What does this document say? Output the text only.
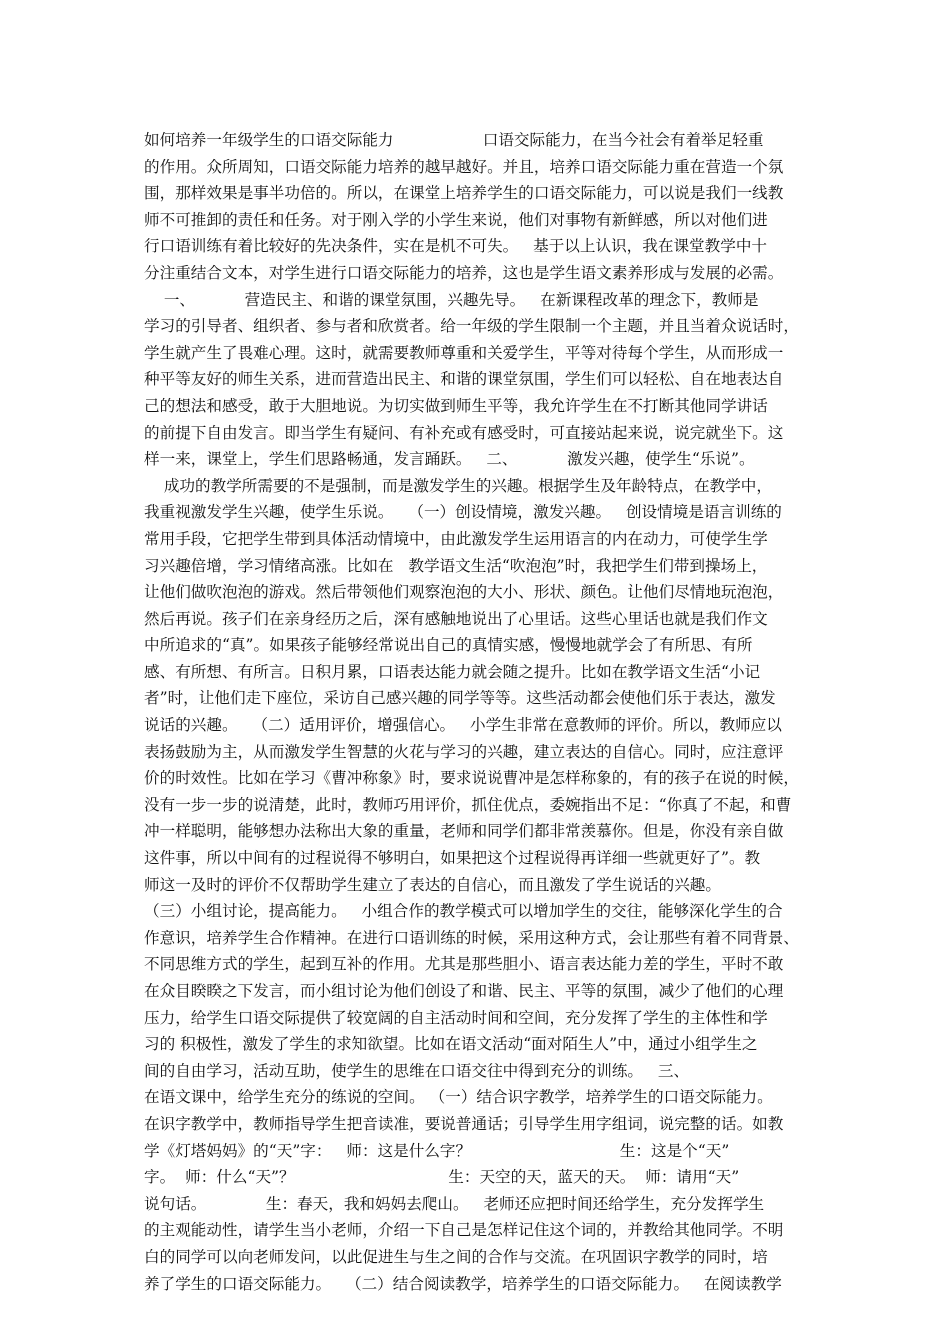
如何培养一年级学生的口语交际能力                  口语交际能力，在当今社会有着举足轻重
的作用。众所周知，口语交际能力培养的越早越好。并且，培养口语交际能力重在营造一个氛
围，那样效果是事半功倍的。所以，在课堂上培养学生的口语交际能力，可以说是我们一线教
师不可推卸的责任和任务。对于刚入学的小学生来说，他们对事物有新鲜感，所以对他们进
行口语训练有着比较好的先决条件，实在是机不可失。   基于以上认识，我在课堂教学中十
分注重结合文本，对学生进行口语交际能力的培养，这也是学生语文素养形成与发展的必需。
一、          营造民主、和谐的课堂氛围，兴趣先导。   在新课程改革的理念下，教师是
学习的引导者、组织者、参与者和欣赏者。给一年级的学生限制一个主题，并且当着众说话时，
学生就产生了畏难心理。这时，就需要教师尊重和关爱学生，平等对待每个学生，从而形成一
种平等友好的师生关系，进而营造出民主、和谐的课堂氛围，学生们可以轻松、自在地表达自
己的想法和感受，敢于大胆地说。为切实做到师生平等，我允许学生在不打断其他同学讲话
的前提下自由发言。即当学生有疑问、有补充或有感受时，可直接站起来说，说完就坐下。这
样一来，课堂上，学生们思路畅通，发言踊跃。   二、          激发兴趣，使学生“乐说”。
成功的教学所需要的不是强制，而是激发学生的兴趣。根据学生及年龄特点，在教学中，
我重视激发学生兴趣，使学生乐说。   （一）创设情境，激发兴趣。   创设情境是语言训练的
常用手段，它把学生带到具体活动情境中，由此激发学生运用语言的内在动力，可使学生学
习兴趣倍增，学习情绪高涨。比如在   教学语文生活“吹泡泡”时，我把学生们带到操场上，
让他们做吹泡泡的游戏。然后带领他们观察泡泡的大小、形状、颜色。让他们尽情地玩泡泡，
然后再说。孩子们在亲身经历之后，深有感触地说出了心里话。这些心里话也就是我们作文
中所追求的“真”。如果孩子能够经常说出自己的真情实感，慢慢地就学会了有所思、有所
感、有所想、有所言。日积月累，口语表达能力就会随之提升。比如在教学语文生活“小记
者”时，让他们走下座位，采访自己感兴趣的同学等等。这些活动都会使他们乐于表达，激发
说话的兴趣。   （二）适用评价，增强信心。   小学生非常在意教师的评价。所以，教师应以
表扬鼓励为主，从而激发学生智慧的火花与学习的兴趣，建立表达的自信心。同时，应注意评
价的时效性。比如在学习《曹冲称象》时，要求说说曹冲是怎样称象的，有的孩子在说的时候，
没有一步一步的说清楚，此时，教师巧用评价，抓住优点，委婉指出不足：“你真了不起，和曹
冲一样聪明，能够想办法称出大象的重量，老师和同学们都非常羡慕你。但是，你没有亲自做
这件事，所以中间有的过程说得不够明白，如果把这个过程说得再详细一些就更好了”。教
师这一及时的评价不仅帮助学生建立了表达的自信心，而且激发了学生说话的兴趣。
（三）小组讨论，提高能力。   小组合作的教学模式可以增加学生的交往，能够深化学生的合
作意识，培养学生合作精神。在进行口语训练的时候，采用这种方式，会让那些有着不同背景、
不同思维方式的学生，起到互补的作用。尤其是那些胆小、语言表达能力差的学生，平时不敢
在众目睽睽之下发言，而小组讨论为他们创设了和谐、民主、平等的氛围，减少了他们的心理
压力，给学生口语交际提供了较宽阔的自主活动时间和空间，充分发挥了学生的主体性和学
习的 积极性，激发了学生的求知欲望。比如在语文活动“面对陌生人”中，通过小组学生之
间的自由学习，活动互助，使学生的思维在口语交往中得到充分的训练。   三、
在语文课中，给学生充分的练说的空间。 （一）结合识字教学，培养学生的口语交际能力。
在识字教学中，教师指导学生把音读准，要说普通话；引导学生用字组词，说完整的话。如教
学《灯塔妈妈》的“天”字：   师：这是什么字？                              生：这是个“天”
字。  师：什么“天”？                               生：天空的天，蓝天的天。  师：请用“天”
说句话。            生：春天，我和妈妈去爬山。   老师还应把时间还给学生，充分发挥学生
的主观能动性，请学生当小老师，介绍一下自己是怎样记住这个词的，并教给其他同学。不明
白的同学可以向老师发问，以此促进生与生之间的合作与交流。在巩固识字教学的同时，培
养了学生的口语交际能力。   （二）结合阅读教学，培养学生的口语交际能力。   在阅读教学
